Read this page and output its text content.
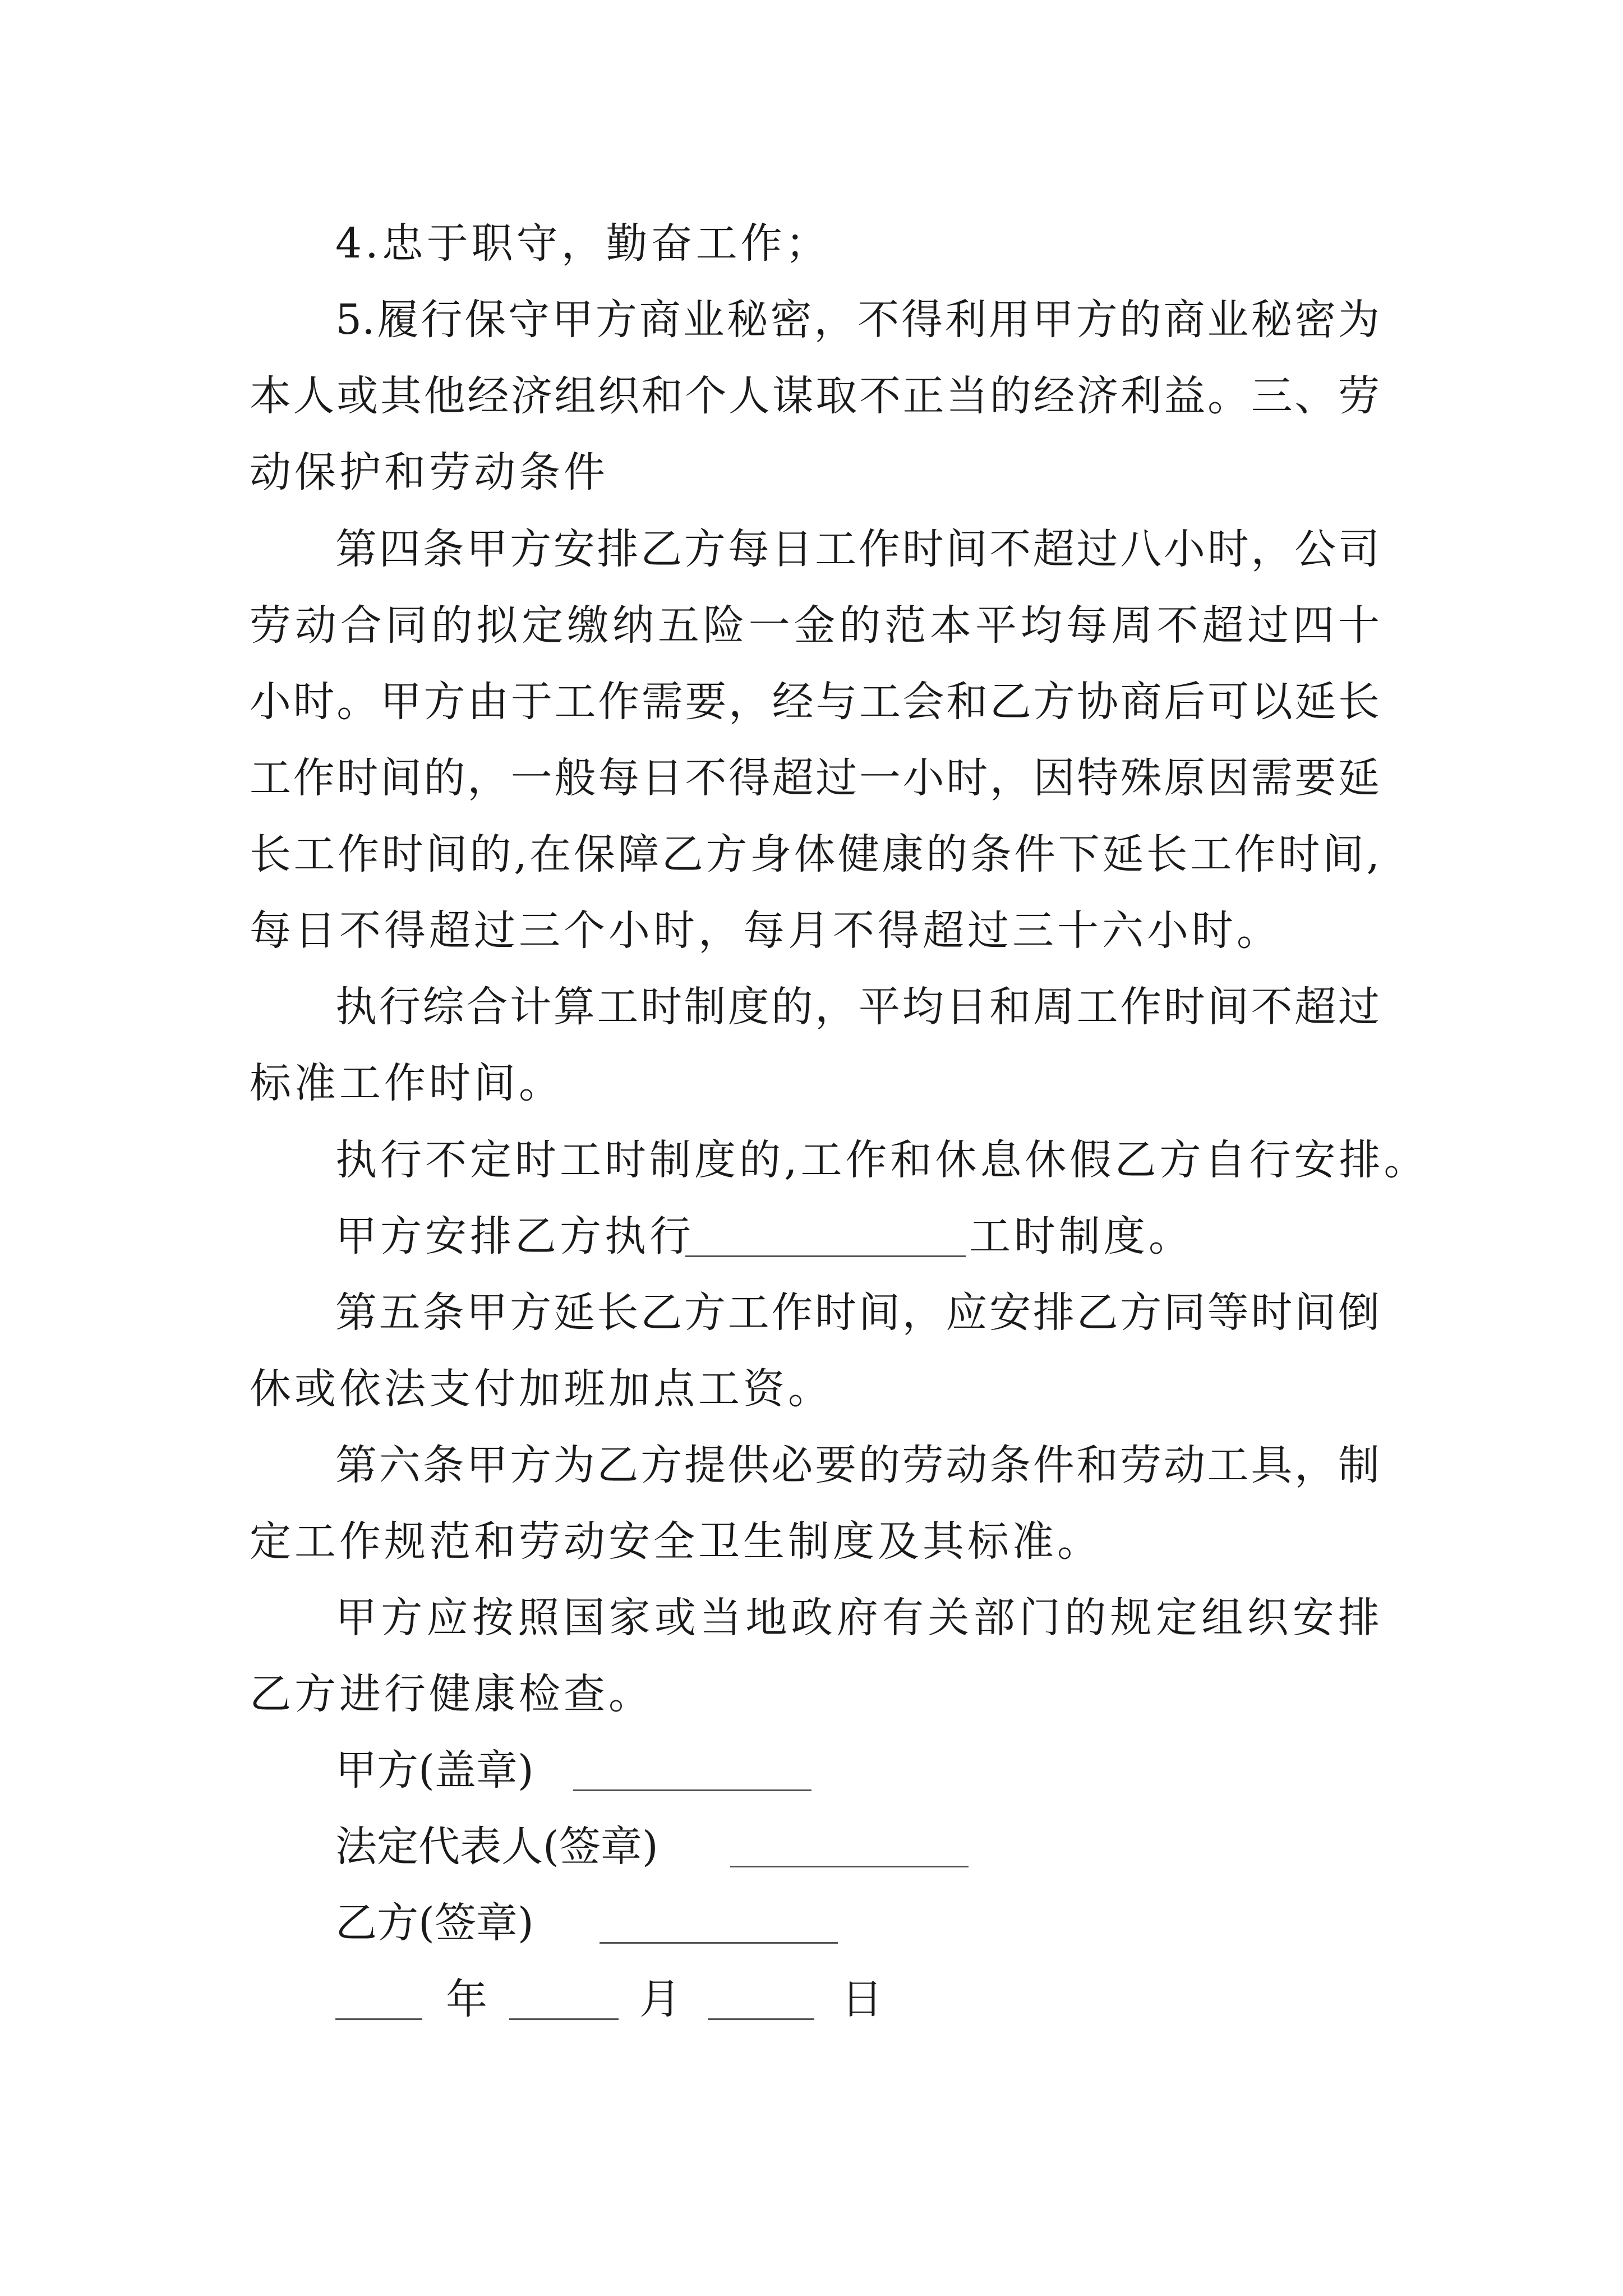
4.忠于职守，勤奋工作；
5.履行保守甲方商业秘密，不得利用甲方的商业秘密为
本人或其他经济组织和个人谋取不正当的经济利益。三、劳
动保护和劳动条件
第四条甲方安排乙方每日工作时间不超过八小时，公司
劳动合同的拟定缴纳五险一金的范本平均每周不超过四十
小时。甲方由于工作需要，经与工会和乙方协商后可以延长
工作时间的，一般每日不得超过一小时，因特殊原因需要延
长工作时间的,在保障乙方身体健康的条件下延长工作时间,
每日不得超过三个小时，每月不得超过三十六小时。
执行综合计算工时制度的，平均日和周工作时间不超过
标准工作时间。
执行不定时工时制度的,工作和休息休假乙方自行安排。
甲方安排乙方执行	工时制度。
第五条甲方延长乙方工作时间，应安排乙方同等时间倒
休或依法支付加班加点工资。
第六条甲方为乙方提供必要的劳动条件和劳动工具，制
定工作规范和劳动安全卫生制度及其标准。
甲方应按照国家或当地政府有关部门的规定组织安排
乙方进行健康检查。
甲方(盖章)
法定代表人(签章)
乙方(签章)
年	月	日
